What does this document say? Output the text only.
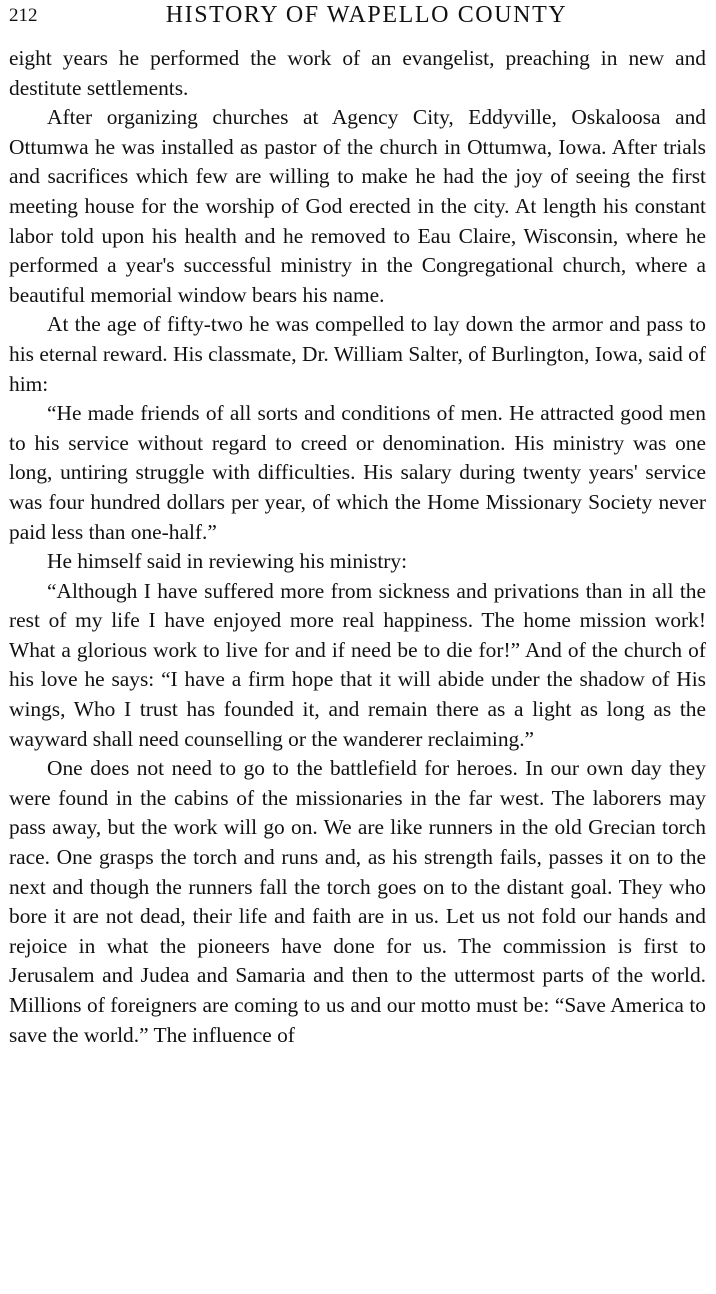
212	HISTORY OF WAPELLO COUNTY

eight years he performed the work of an evangelist, preaching in new and destitute settlements.

After organizing churches at Agency City, Eddyville, Oskaloosa and Ottumwa he was installed as pastor of the church in Ottumwa, Iowa. After trials and sacrifices which few are willing to make he had the joy of seeing the first meeting house for the worship of God erected in the city. At length his constant labor told upon his health and he removed to Eau Claire, Wisconsin, where he performed a year's successful ministry in the Congregational church, where a beautiful memorial window bears his name.

At the age of fifty-two he was compelled to lay down the armor and pass to his eternal reward. His classmate, Dr. William Salter, of Burlington, Iowa, said of him:

“He made friends of all sorts and conditions of men. He attracted good men to his service without regard to creed or denomination. His ministry was one long, untiring struggle with difficulties. His salary during twenty years' service was four hundred dollars per year, of which the Home Missionary Society never paid less than one-half.”

He himself said in reviewing his ministry:

“Although I have suffered more from sickness and privations than in all the rest of my life I have enjoyed more real happiness. The home mission work! What a glorious work to live for and if need be to die for!” And of the church of his love he says: “I have a firm hope that it will abide under the shadow of His wings, Who I trust has founded it, and remain there as a light as long as the wayward shall need counselling or the wanderer reclaiming.”

One does not need to go to the battlefield for heroes. In our own day they were found in the cabins of the missionaries in the far west. The laborers may pass away, but the work will go on. We are like runners in the old Grecian torch race. One grasps the torch and runs and, as his strength fails, passes it on to the next and though the runners fall the torch goes on to the distant goal. They who bore it are not dead, their life and faith are in us. Let us not fold our hands and rejoice in what the pioneers have done for us. The commission is first to Jerusalem and Judea and Samaria and then to the uttermost parts of the world. Millions of foreigners are coming to us and our motto must be: “Save America to save the world.” The influence of
